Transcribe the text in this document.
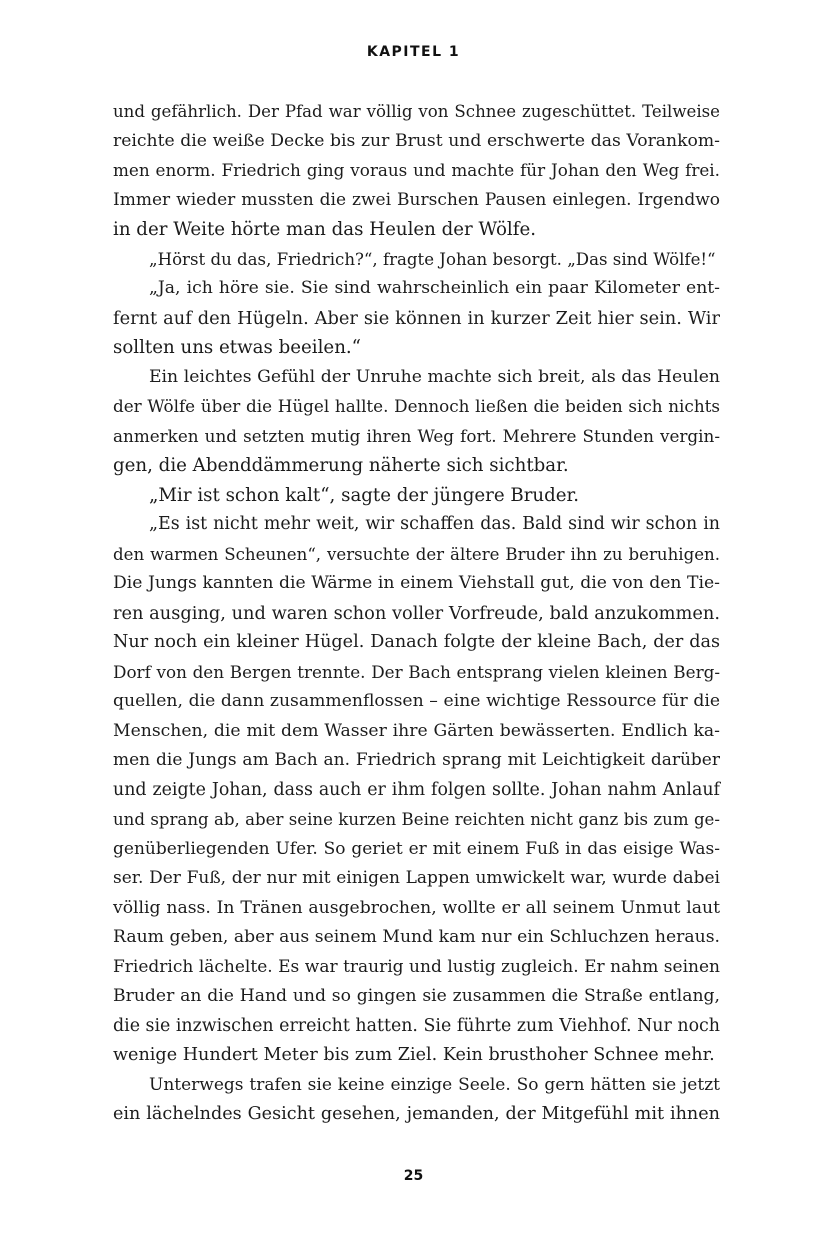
KAPITEL 1
und gefährlich. Der Pfad war völlig von Schnee zugeschüttet. Teilweise
reichte die weiße Decke bis zur Brust und erschwerte das Vorankom-
men enorm. Friedrich ging voraus und machte für Johan den Weg frei.
Immer wieder mussten die zwei Burschen Pausen einlegen. Irgendwo
in der Weite hörte man das Heulen der Wölfe.
„Hörst du das, Friedrich?“, fragte Johan besorgt. „Das sind Wölfe!“
„Ja, ich höre sie. Sie sind wahrscheinlich ein paar Kilometer ent-
fernt auf den Hügeln. Aber sie können in kurzer Zeit hier sein. Wir
sollten uns etwas beeilen.“
Ein leichtes Gefühl der Unruhe machte sich breit, als das Heulen
der Wölfe über die Hügel hallte. Dennoch ließen die beiden sich nichts
anmerken und setzten mutig ihren Weg fort. Mehrere Stunden vergin-
gen, die Abenddämmerung näherte sich sichtbar.
„Mir ist schon kalt“, sagte der jüngere Bruder.
„Es ist nicht mehr weit, wir schaffen das. Bald sind wir schon in
den warmen Scheunen“, versuchte der ältere Bruder ihn zu beruhigen.
Die Jungs kannten die Wärme in einem Viehstall gut, die von den Tie-
ren ausging, und waren schon voller Vorfreude, bald anzukommen.
Nur noch ein kleiner Hügel. Danach folgte der kleine Bach, der das
Dorf von den Bergen trennte. Der Bach entsprang vielen kleinen Berg-
quellen, die dann zusammenflossen – eine wichtige Ressource für die
Menschen, die mit dem Wasser ihre Gärten bewässerten. Endlich ka-
men die Jungs am Bach an. Friedrich sprang mit Leichtigkeit darüber
und zeigte Johan, dass auch er ihm folgen sollte. Johan nahm Anlauf
und sprang ab, aber seine kurzen Beine reichten nicht ganz bis zum ge-
genüberliegenden Ufer. So geriet er mit einem Fuß in das eisige Was-
ser. Der Fuß, der nur mit einigen Lappen umwickelt war, wurde dabei
völlig nass. In Tränen ausgebrochen, wollte er all seinem Unmut laut
Raum geben, aber aus seinem Mund kam nur ein Schluchzen heraus.
Friedrich lächelte. Es war traurig und lustig zugleich. Er nahm seinen
Bruder an die Hand und so gingen sie zusammen die Straße entlang,
die sie inzwischen erreicht hatten. Sie führte zum Viehhof. Nur noch
wenige Hundert Meter bis zum Ziel. Kein brusthoher Schnee mehr.
Unterwegs trafen sie keine einzige Seele. So gern hätten sie jetzt
ein lächelndes Gesicht gesehen, jemanden, der Mitgefühl mit ihnen
25
